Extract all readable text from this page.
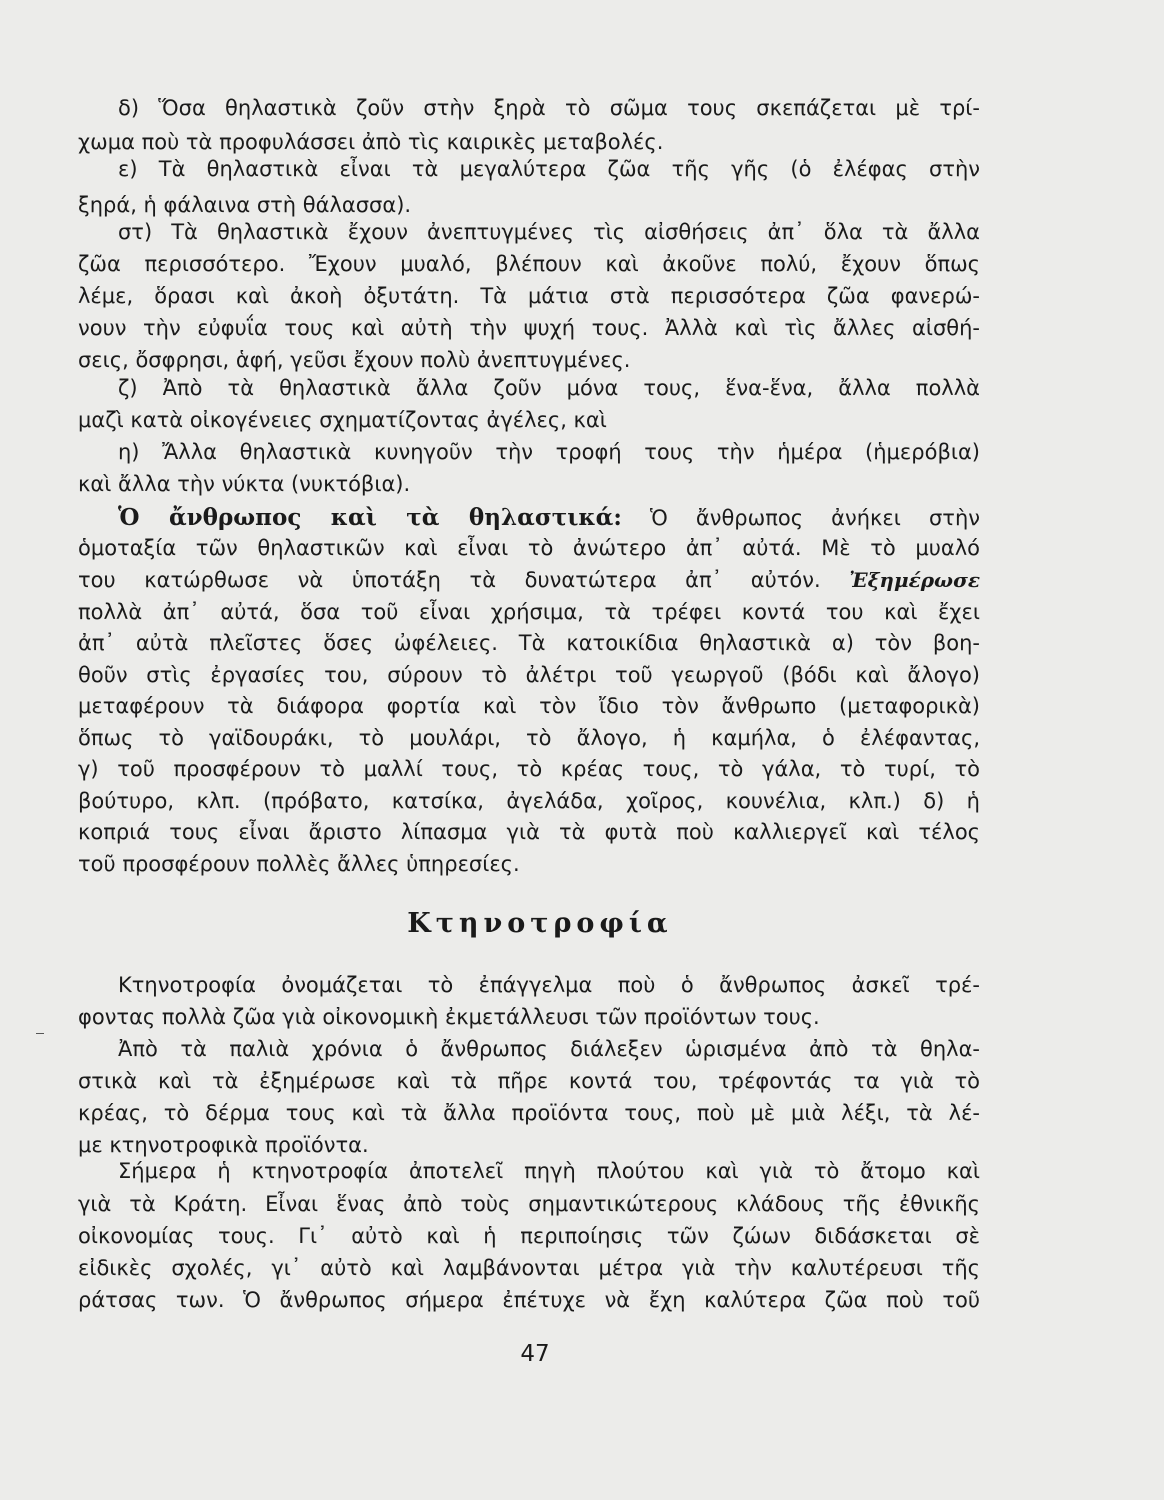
δ) Ὅσα θηλαστικὰ ζοῦν στὴν ξηρὰ τὸ σῶμα τους σκεπάζεται μὲ τρί-
χωμα ποὺ τὰ προφυλάσσει ἀπὸ τὶς καιρικὲς μεταβολές.
ε) Τὰ θηλαστικὰ εἶναι τὰ μεγαλύτερα ζῶα τῆς γῆς (ὁ ἐλέφας στὴν
ξηρά, ἡ φάλαινα στὴ θάλασσα).
στ) Τὰ θηλαστικὰ ἔχουν ἀνεπτυγμένες τὶς αἰσθήσεις ἀπ᾽ ὅλα τὰ ἄλλα
ζῶα περισσότερο. Ἔχουν μυαλό, βλέπουν καὶ ἀκοῦνε πολύ, ἔχουν ὅπως
λέμε, ὅρασι καὶ ἀκοὴ ὀξυτάτη. Τὰ μάτια στὰ περισσότερα ζῶα φανερώ-
νουν τὴν εὐφυΐα τους καὶ αὐτὴ τὴν ψυχή τους. Ἀλλὰ καὶ τὶς ἄλλες αἰσθή-
σεις, ὄσφρησι, ἁφή, γεῦσι ἔχουν πολὺ ἀνεπτυγμένες.
ζ) Ἀπὸ τὰ θηλαστικὰ ἄλλα ζοῦν μόνα τους, ἕνα-ἕνα, ἄλλα πολλὰ
μαζὶ κατὰ οἰκογένειες σχηματίζοντας ἀγέλες, καὶ
η) Ἄλλα θηλαστικὰ κυνηγοῦν τὴν τροφή τους τὴν ἡμέρα (ἡμερόβια)
καὶ ἄλλα τὴν νύκτα (νυκτόβια).
Ὁ ἄνθρωπος καὶ τὰ θηλαστικά: Ὁ ἄνθρωπος ἀνήκει στὴν
ὁμοταξία τῶν θηλαστικῶν καὶ εἶναι τὸ ἀνώτερο ἀπ᾽ αὐτά. Μὲ τὸ μυαλό
του κατώρθωσε νὰ ὑποτάξη τὰ δυνατώτερα ἀπ᾽ αὐτόν. Ἐξημέρωσε
πολλὰ ἀπ᾽ αὐτά, ὅσα τοῦ εἶναι χρήσιμα, τὰ τρέφει κοντά του καὶ ἔχει
ἀπ᾽ αὐτὰ πλεῖστες ὅσες ὠφέλειες. Τὰ κατοικίδια θηλαστικὰ α) τὸν βοη-
θοῦν στὶς ἐργασίες του, σύρουν τὸ ἀλέτρι τοῦ γεωργοῦ (βόδι καὶ ἄλογο)
μεταφέρουν τὰ διάφορα φορτία καὶ τὸν ἴδιο τὸν ἄνθρωπο (μεταφορικὰ)
ὅπως τὸ γαϊδουράκι, τὸ μουλάρι, τὸ ἄλογο, ἡ καμήλα, ὁ ἐλέφαντας,
γ) τοῦ προσφέρουν τὸ μαλλί τους, τὸ κρέας τους, τὸ γάλα, τὸ τυρί, τὸ
βούτυρο, κλπ. (πρόβατο, κατσίκα, ἀγελάδα, χοῖρος, κουνέλια, κλπ.) δ) ἡ
κοπριά τους εἶναι ἄριστο λίπασμα γιὰ τὰ φυτὰ ποὺ καλλιεργεῖ καὶ τέλος
τοῦ προσφέρουν πολλὲς ἄλλες ὑπηρεσίες.
Κτηνοτροφία
Κτηνοτροφία ὀνομάζεται τὸ ἐπάγγελμα ποὺ ὁ ἄνθρωπος ἀσκεῖ τρέ-
φοντας πολλὰ ζῶα γιὰ οἰκονομικὴ ἐκμετάλλευσι τῶν προϊόντων τους.
Ἀπὸ τὰ παλιὰ χρόνια ὁ ἄνθρωπος διάλεξεν ὡρισμένα ἀπὸ τὰ θηλα-
στικὰ καὶ τὰ ἐξημέρωσε καὶ τὰ πῆρε κοντά του, τρέφοντάς τα γιὰ τὸ
κρέας, τὸ δέρμα τους καὶ τὰ ἄλλα προϊόντα τους, ποὺ μὲ μιὰ λέξι, τὰ λέ-
με κτηνοτροφικὰ προϊόντα.
Σήμερα ἡ κτηνοτροφία ἀποτελεῖ πηγὴ πλούτου καὶ γιὰ τὸ ἄτομο καὶ
γιὰ τὰ Κράτη. Εἶναι ἕνας ἀπὸ τοὺς σημαντικώτερους κλάδους τῆς ἐθνικῆς
οἰκονομίας τους. Γι᾽ αὐτὸ καὶ ἡ περιποίησις τῶν ζώων διδάσκεται σὲ
εἰδικὲς σχολές, γι᾽ αὐτὸ καὶ λαμβάνονται μέτρα γιὰ τὴν καλυτέρευσι τῆς
ράτσας των. Ὁ ἄνθρωπος σήμερα ἐπέτυχε νὰ ἔχη καλύτερα ζῶα ποὺ τοῦ
47
